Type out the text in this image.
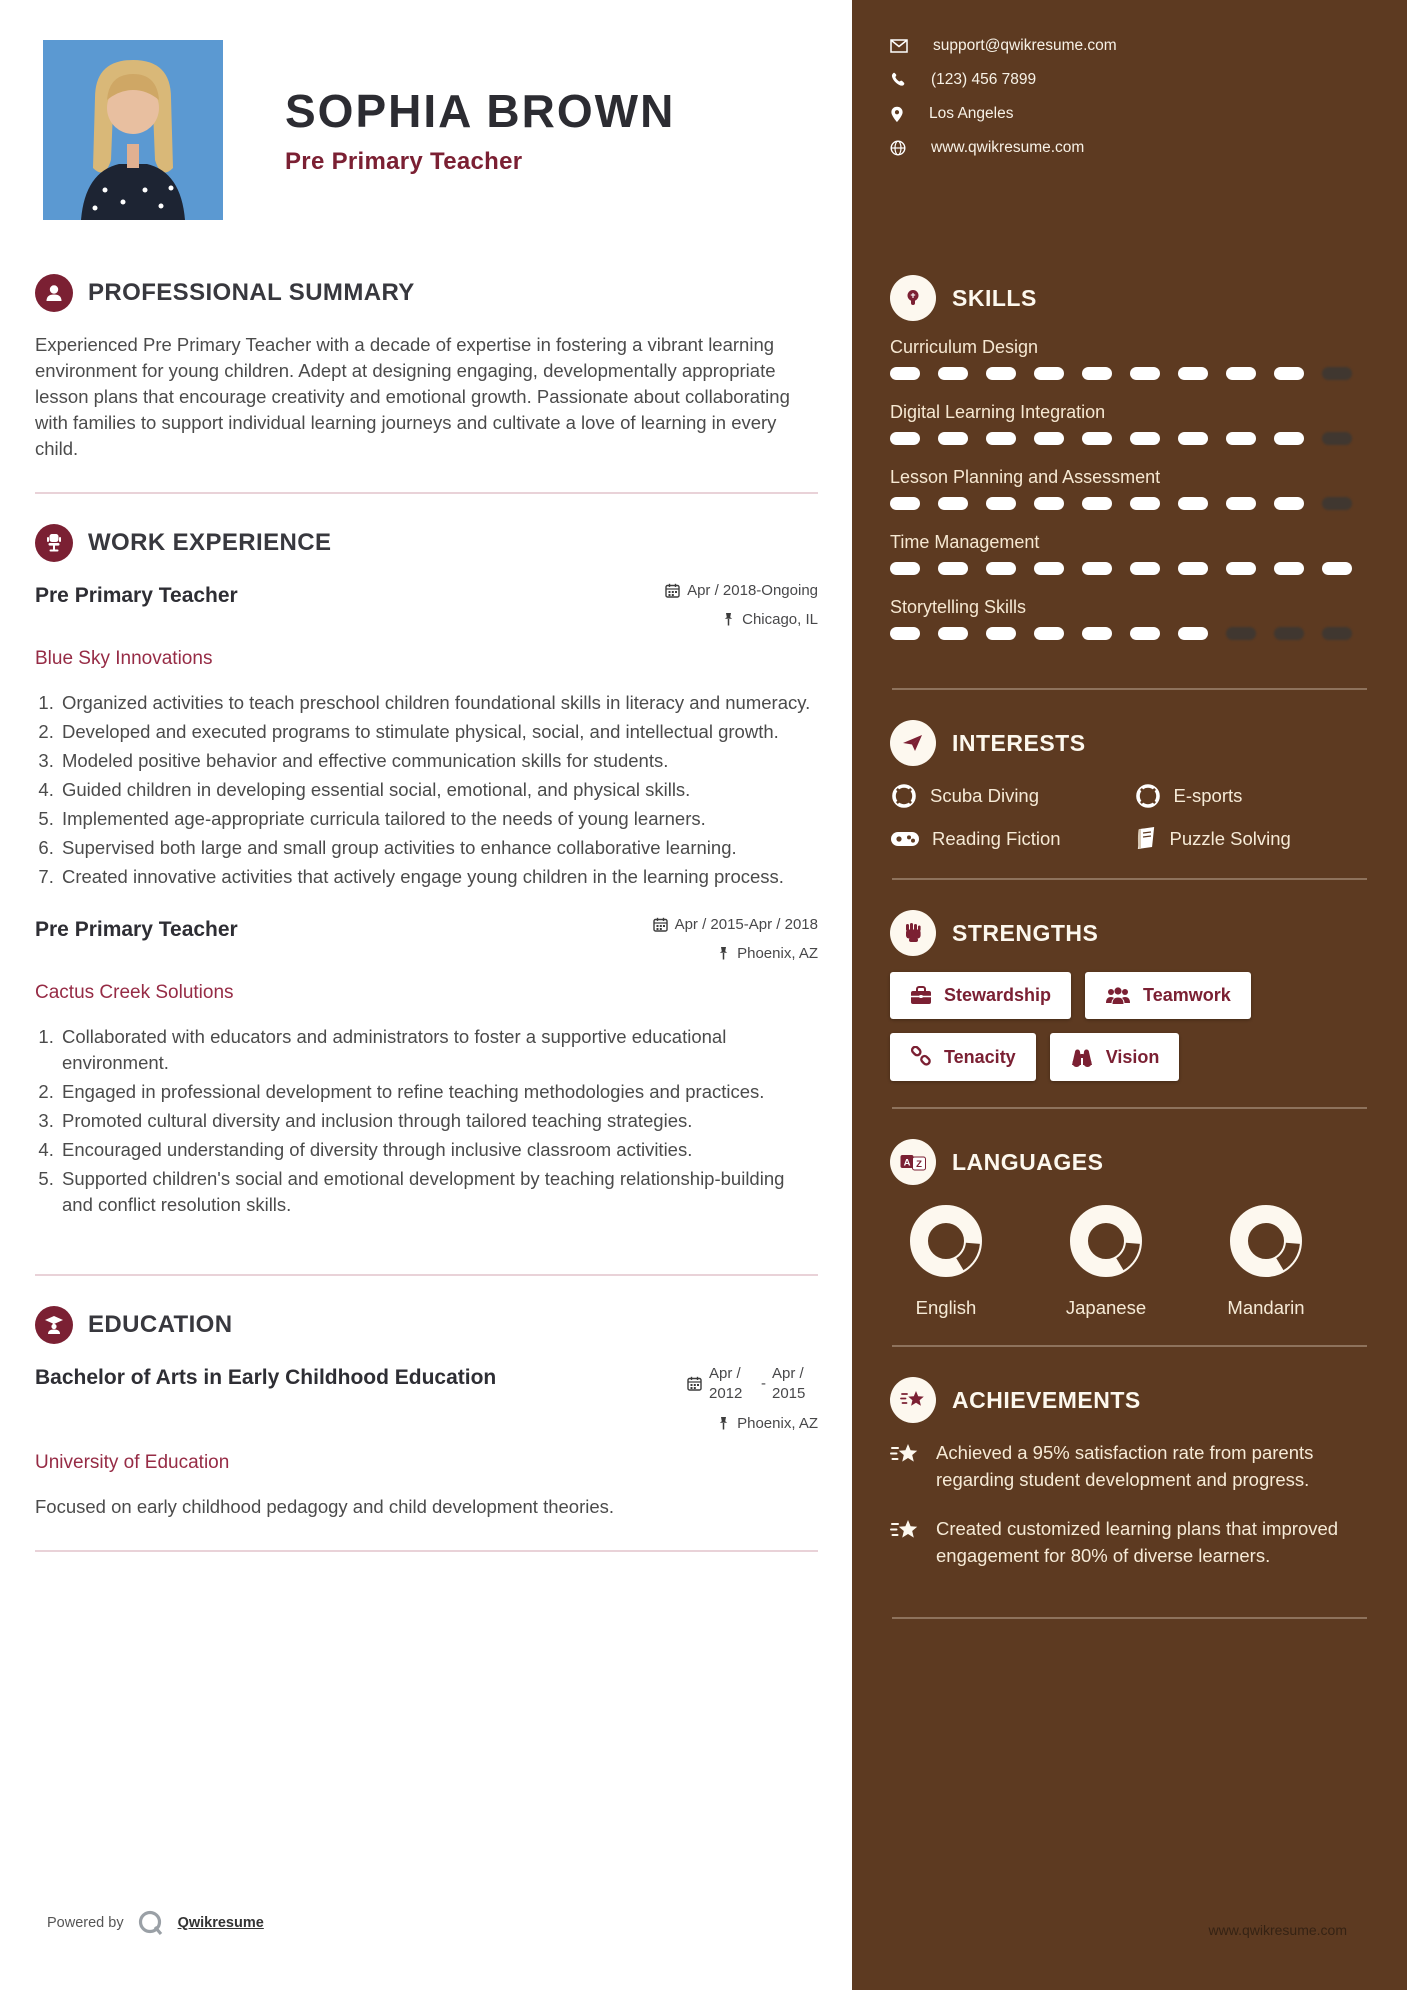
SOPHIA BROWN
Pre Primary Teacher
PROFESSIONAL SUMMARY

Experienced Pre Primary Teacher with a decade of expertise in fostering a vibrant learning environment for young children. Adept at designing engaging, developmentally appropriate lesson plans that encourage creativity and emotional growth. Passionate about collaborating with families to support individual learning journeys and cultivate a love of learning in every child.

WORK EXPERIENCE
Pre Primary Teacher	Apr / 2018-Ongoing
Chicago, IL
Blue Sky Innovations
1. Organized activities to teach preschool children foundational skills in literacy and numeracy.
2. Developed and executed programs to stimulate physical, social, and intellectual growth.
3. Modeled positive behavior and effective communication skills for students.
4. Guided children in developing essential social, emotional, and physical skills.
5. Implemented age-appropriate curricula tailored to the needs of young learners.
6. Supervised both large and small group activities to enhance collaborative learning.
7. Created innovative activities that actively engage young children in the learning process.
Pre Primary Teacher	Apr / 2015-Apr / 2018
Phoenix, AZ
Cactus Creek Solutions
1. Collaborated with educators and administrators to foster a supportive educational environment.
2. Engaged in professional development to refine teaching methodologies and practices.
3. Promoted cultural diversity and inclusion through tailored teaching strategies.
4. Encouraged understanding of diversity through inclusive classroom activities.
5. Supported children's social and emotional development by teaching relationship-building and conflict resolution skills.
EDUCATION
Bachelor of Arts in Early Childhood Education	Apr / 2012
-
Apr / 2015
Phoenix, AZ
University of Education

Focused on early childhood pedagogy and child development theories.

Powered by	Qwikresume
support@qwikresume.com
(123) 456 7899
Los Angeles
www.qwikresume.com
SKILLS
Curriculum Design
Digital Learning Integration
Lesson Planning and Assessment
Time Management
Storytelling Skills
INTERESTS
Scuba Diving	E-sports
Reading Fiction	Puzzle Solving
STRENGTHS
Stewardship	Teamwork
Tenacity	Vision
A Z LANGUAGES
English	Japanese	Mandarin
ACHIEVEMENTS

Achieved a 95% satisfaction rate from parents regarding student development and progress.

Created customized learning plans that improved engagement for 80% of diverse learners.

www.qwikresume.com
